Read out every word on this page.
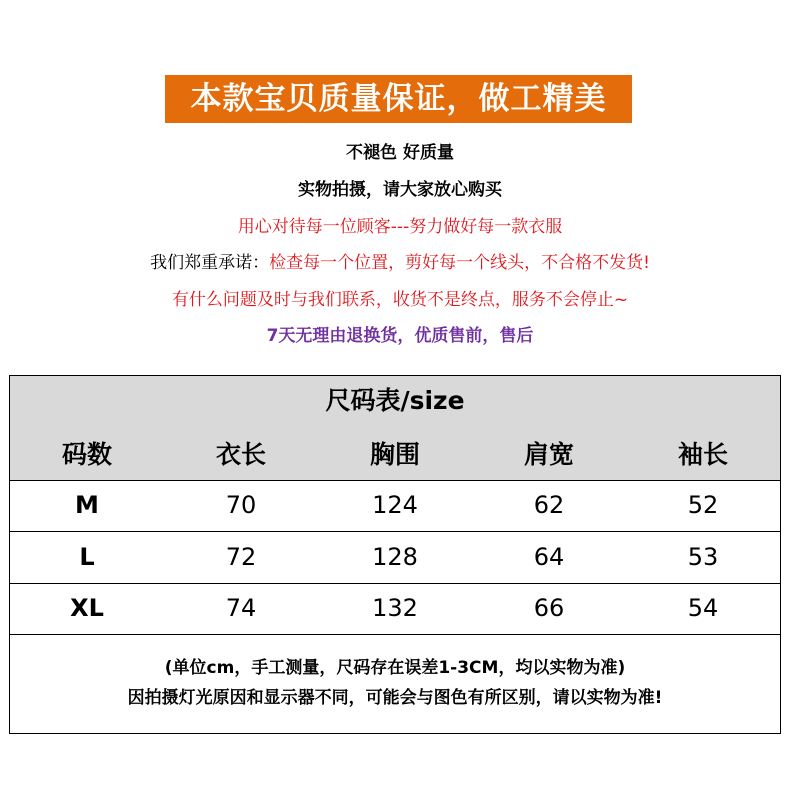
本款宝贝质量保证，做工精美
不褪色 好质量
实物拍摄，请大家放心购买
用心对待每一位顾客---努力做好每一款衣服
我们郑重承诺：检查每一个位置，剪好每一个线头，不合格不发货!
有什么问题及时与我们联系，收货不是终点，服务不会停止~
7天无理由退换货，优质售前，售后
尺码表/size
码数	衣长	胸围	肩宽	袖长
M	70	124	62	52
L	72	128	64	53
XL	74	132	66	54
(单位cm，手工测量，尺码存在误差1-3CM，均以实物为准)
因拍摄灯光原因和显示器不同，可能会与图色有所区别，请以实物为准!
